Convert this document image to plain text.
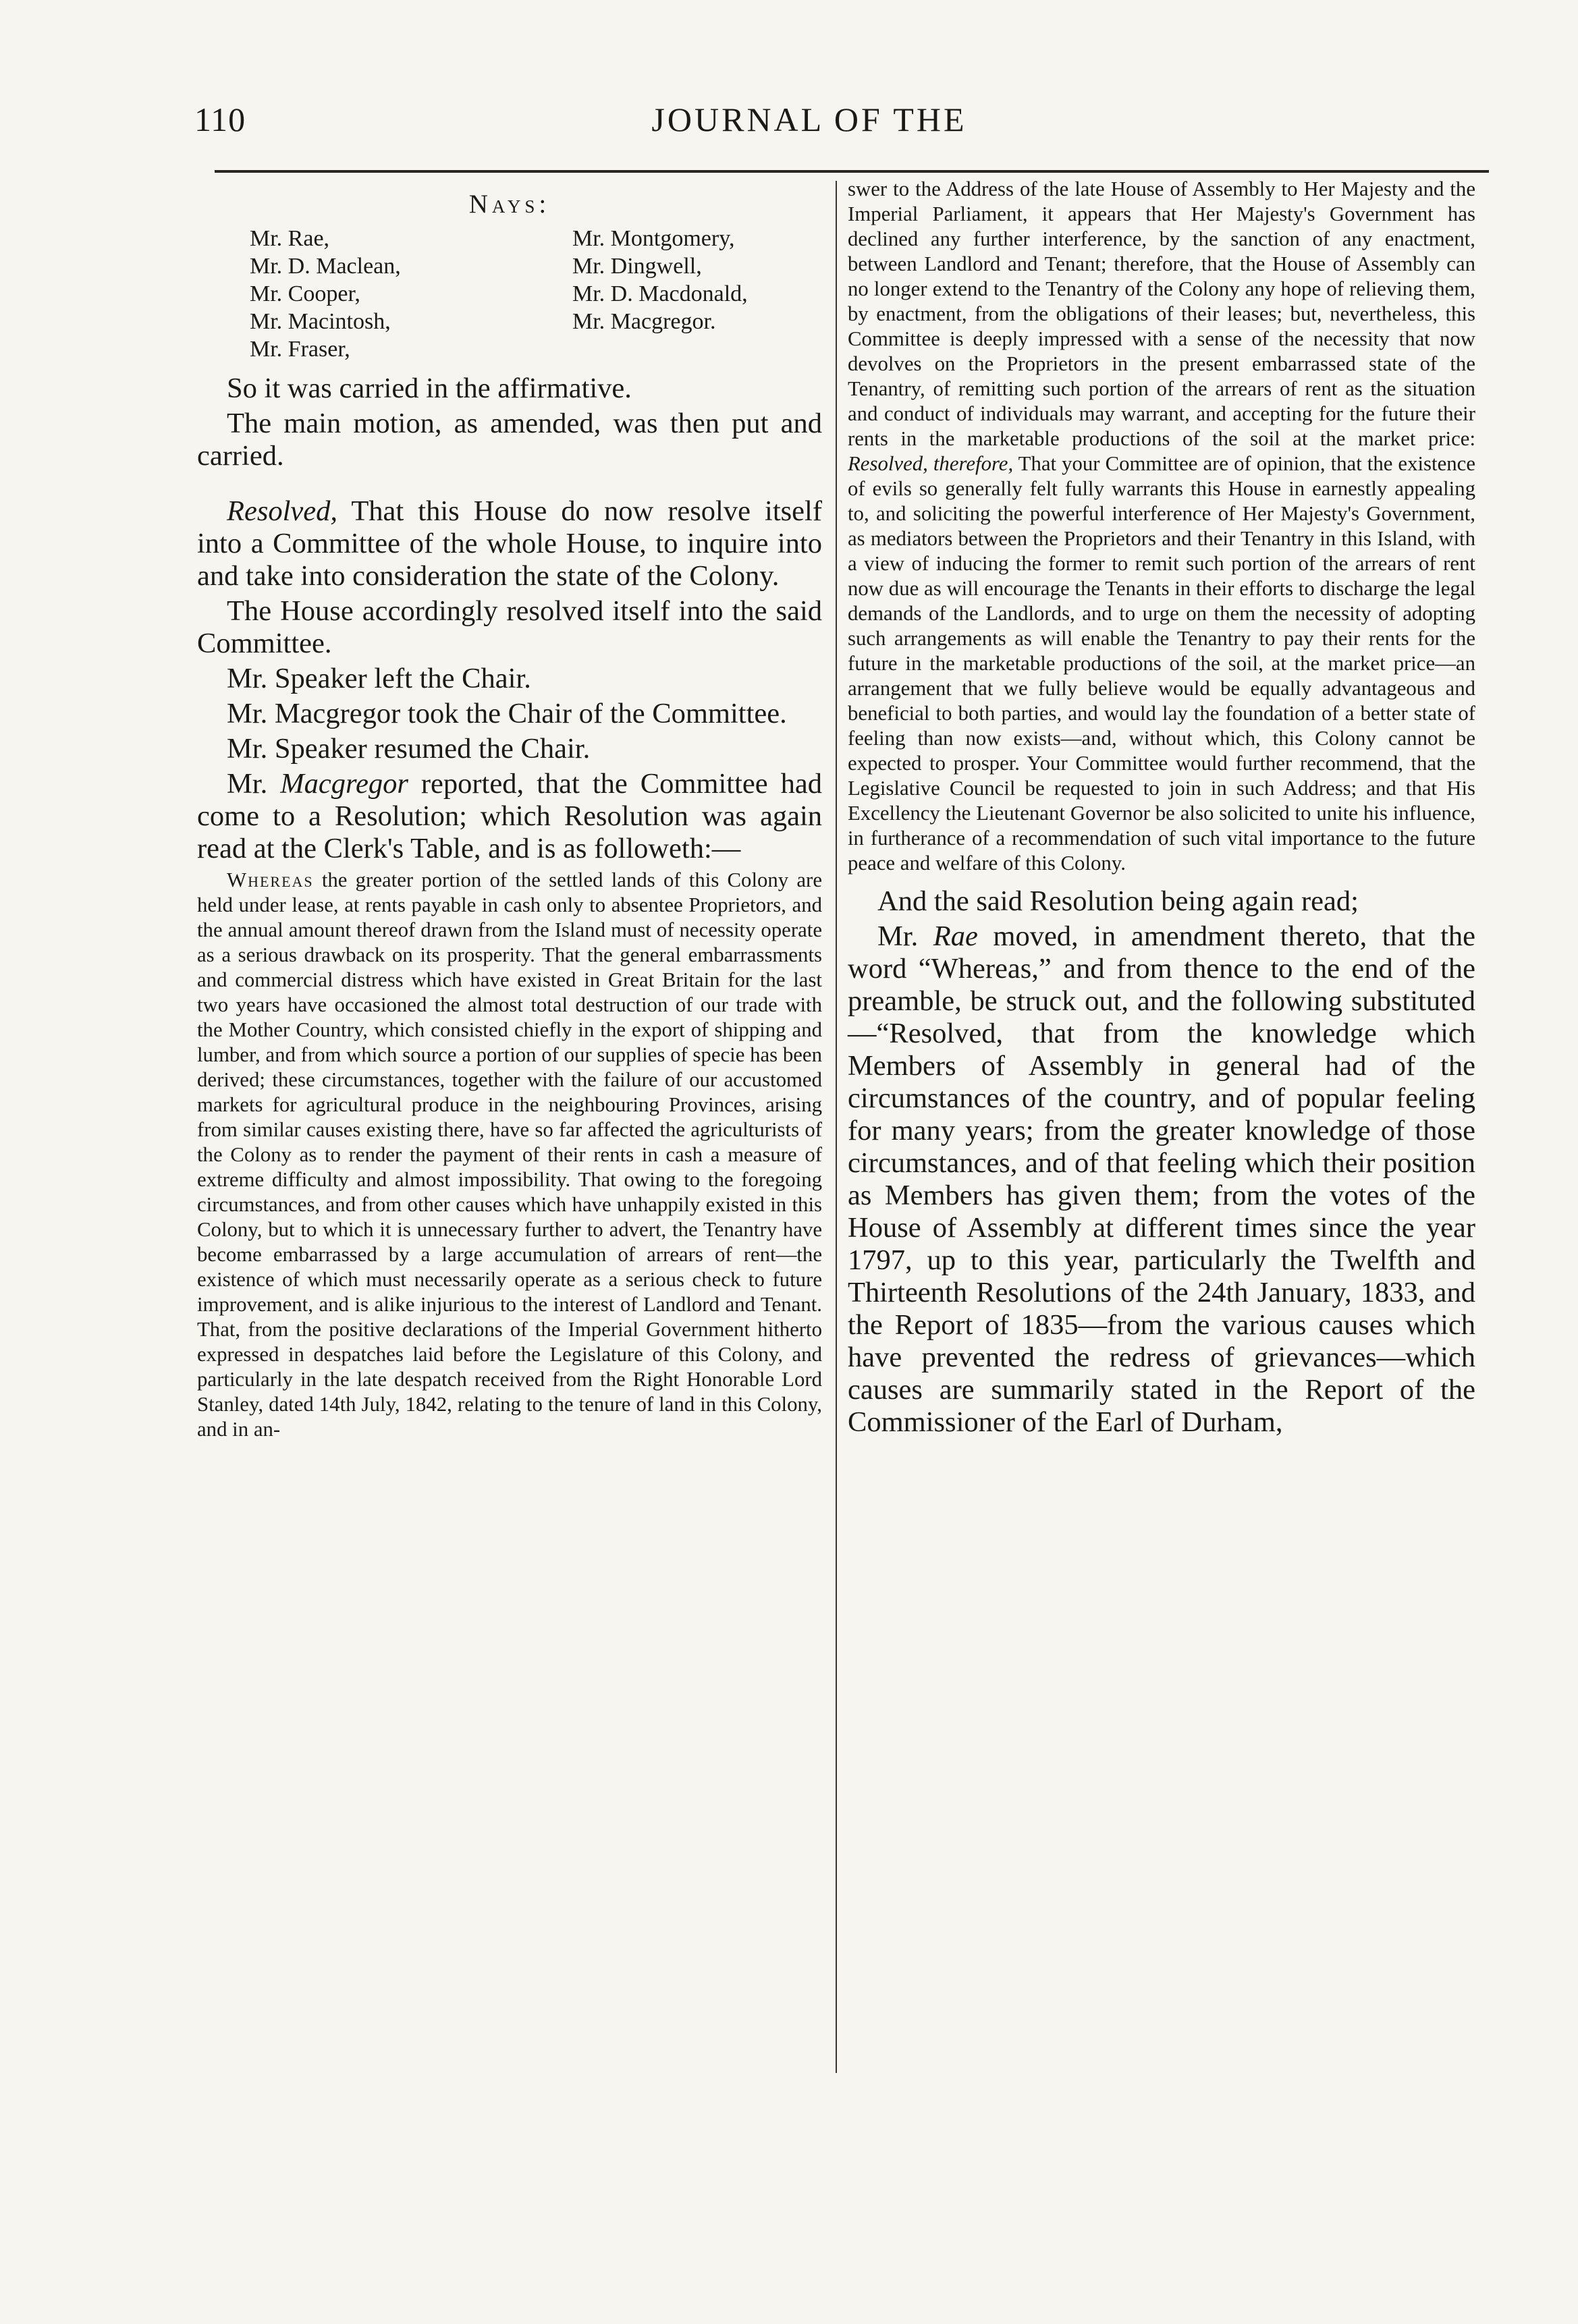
110	JOURNAL OF THE
Nays:
Mr. Rae,
Mr. D. Maclean,
Mr. Cooper,
Mr. Macintosh,
Mr. Fraser,
Mr. Montgomery,
Mr. Dingwell,
Mr. D. Macdonald,
Mr. Macgregor.

So it was carried in the affirmative.

The main motion, as amended, was then put and carried.

Resolved, That this House do now resolve itself into a Committee of the whole House, to inquire into and take into consideration the state of the Colony.

The House accordingly resolved itself into the said Committee.

Mr. Speaker left the Chair.

Mr. Macgregor took the Chair of the Committee.

Mr. Speaker resumed the Chair.

Mr. Macgregor reported, that the Committee had come to a Resolution; which Resolution was again read at the Clerk's Table, and is as followeth:—

Whereas the greater portion of the settled lands of this Colony are held under lease, at rents payable in cash only to absentee Proprietors, and the annual amount thereof drawn from the Island must of necessity operate as a serious drawback on its prosperity. That the general embarrassments and commercial distress which have existed in Great Britain for the last two years have occasioned the almost total destruction of our trade with the Mother Country, which consisted chiefly in the export of shipping and lumber, and from which source a portion of our supplies of specie has been derived; these circumstances, together with the failure of our accustomed markets for agricultural produce in the neighbouring Provinces, arising from similar causes existing there, have so far affected the agriculturists of the Colony as to render the payment of their rents in cash a measure of extreme difficulty and almost impossibility. That owing to the foregoing circumstances, and from other causes which have unhappily existed in this Colony, but to which it is unnecessary further to advert, the Tenantry have become embarrassed by a large accumulation of arrears of rent—the existence of which must necessarily operate as a serious check to future improvement, and is alike injurious to the interest of Landlord and Tenant. That, from the positive declarations of the Imperial Government hitherto expressed in despatches laid before the Legislature of this Colony, and particularly in the late despatch received from the Right Honorable Lord Stanley, dated 14th July, 1842, relating to the tenure of land in this Colony, and in an-

swer to the Address of the late House of Assembly to Her Majesty and the Imperial Parliament, it appears that Her Majesty's Government has declined any further interference, by the sanction of any enactment, between Landlord and Tenant; therefore, that the House of Assembly can no longer extend to the Tenantry of the Colony any hope of relieving them, by enactment, from the obligations of their leases; but, nevertheless, this Committee is deeply impressed with a sense of the necessity that now devolves on the Proprietors in the present embarrassed state of the Tenantry, of remitting such portion of the arrears of rent as the situation and conduct of individuals may warrant, and accepting for the future their rents in the marketable productions of the soil at the market price: Resolved, therefore, That your Committee are of opinion, that the existence of evils so generally felt fully warrants this House in earnestly appealing to, and soliciting the powerful interference of Her Majesty's Government, as mediators between the Proprietors and their Tenantry in this Island, with a view of inducing the former to remit such portion of the arrears of rent now due as will encourage the Tenants in their efforts to discharge the legal demands of the Landlords, and to urge on them the necessity of adopting such arrangements as will enable the Tenantry to pay their rents for the future in the marketable productions of the soil, at the market price—an arrangement that we fully believe would be equally advantageous and beneficial to both parties, and would lay the foundation of a better state of feeling than now exists—and, without which, this Colony cannot be expected to prosper. Your Committee would further recommend, that the Legislative Council be requested to join in such Address; and that His Excellency the Lieutenant Governor be also solicited to unite his influence, in furtherance of a recommendation of such vital importance to the future peace and welfare of this Colony.

And the said Resolution being again read;

Mr. Rae moved, in amendment thereto, that the word “Whereas,” and from thence to the end of the preamble, be struck out, and the following substituted—“Resolved, that from the knowledge which Members of Assembly in general had of the circumstances of the country, and of popular feeling for many years; from the greater knowledge of those circumstances, and of that feeling which their position as Members has given them; from the votes of the House of Assembly at different times since the year 1797, up to this year, particularly the Twelfth and Thirteenth Resolutions of the 24th January, 1833, and the Report of 1835—from the various causes which have prevented the redress of grievances—which causes are summarily stated in the Report of the Commissioner of the Earl of Durham,
